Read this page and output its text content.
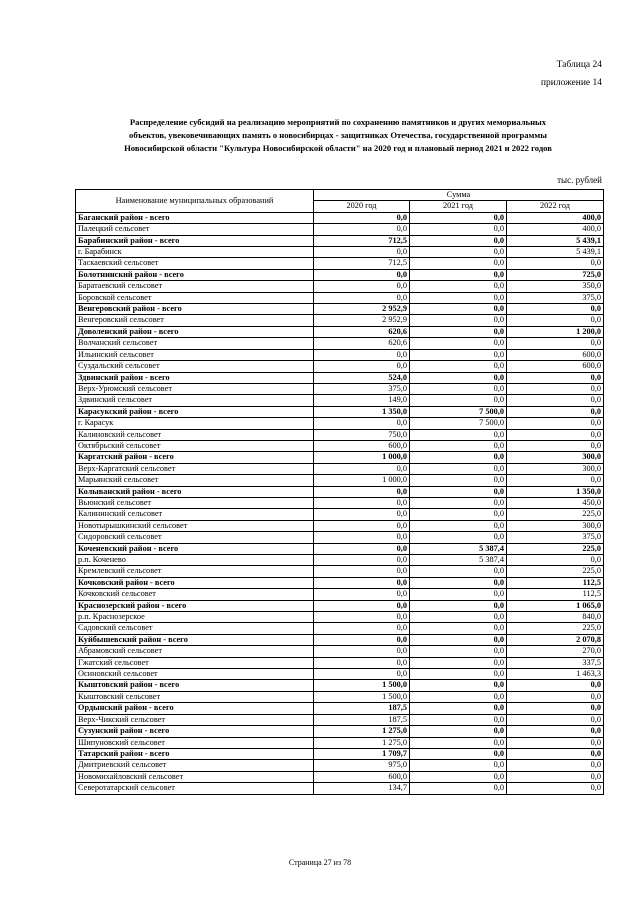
Таблица 24
приложение 14
Распределение субсидий на реализацию мероприятий по сохранению памятников и других мемориальных
объектов, увековечивающих память о новосибирцах - защитниках Отечества, государственной программы
Новосибирской области "Культура Новосибирской области" на 2020 год и плановый период 2021 и 2022 годов
тыс. рублей
Наименование муниципальных образований	Сумма		
	2020 год	2021 год	2022 год
Баганский район - всего	0,0	0,0	400,0
Палецкий сельсовет	0,0	0,0	400,0
Барабинский район - всего	712,5	0,0	5 439,1
г. Барабинск	0,0	0,0	5 439,1
Таскаевский сельсовет	712,5	0,0	0,0
Болотнинский район - всего	0,0	0,0	725,0
Баратаевский сельсовет	0,0	0,0	350,0
Боровской сельсовет	0,0	0,0	375,0
Венгеровский район - всего	2 952,9	0,0	0,0
Венгеровский сельсовет	2 952,9	0,0	0,0
Доволенский район - всего	620,6	0,0	1 200,0
Волчанский сельсовет	620,6	0,0	0,0
Ильинский сельсовет	0,0	0,0	600,0
Суздальский сельсовет	0,0	0,0	600,0
Здвинский район - всего	524,0	0,0	0,0
Верх-Урюмский сельсовет	375,0	0,0	0,0
Здвинский сельсовет	149,0	0,0	0,0
Карасукский район - всего	1 350,0	7 500,0	0,0
г. Карасук	0,0	7 500,0	0,0
Калиновский сельсовет	750,0	0,0	0,0
Октябрьский сельсовет	600,0	0,0	0,0
Каргатский район - всего	1 000,0	0,0	300,0
Верх-Каргатский сельсовет	0,0	0,0	300,0
Марьянский сельсовет	1 000,0	0,0	0,0
Колыванский район - всего	0,0	0,0	1 350,0
Вьюнский сельсовет	0,0	0,0	450,0
Калининский сельсовет	0,0	0,0	225,0
Новотырышкинский сельсовет	0,0	0,0	300,0
Сидоровский сельсовет	0,0	0,0	375,0
Коченевский район - всего	0,0	5 387,4	225,0
р.п. Коченево	0,0	5 387,4	0,0
Кремлевский сельсовет	0,0	0,0	225,0
Кочковский район - всего	0,0	0,0	112,5
Кочковский сельсовет	0,0	0,0	112,5
Краснозерский район - всего	0,0	0,0	1 065,0
р.п. Краснозерское	0,0	0,0	840,0
Садовский сельсовет	0,0	0,0	225,0
Куйбышевский район - всего	0,0	0,0	2 070,8
Абрамовский сельсовет	0,0	0,0	270,0
Гжатский сельсовет	0,0	0,0	337,5
Осиновский сельсовет	0,0	0,0	1 463,3
Кыштовский район - всего	1 500,0	0,0	0,0
Кыштовский сельсовет	1 500,0	0,0	0,0
Ордынский район - всего	187,5	0,0	0,0
Верх-Чикский сельсовет	187,5	0,0	0,0
Сузунский район - всего	1 275,0	0,0	0,0
Шипуновский сельсовет	1 275,0	0,0	0,0
Татарский район - всего	1 709,7	0,0	0,0
Дмитриевский сельсовет	975,0	0,0	0,0
Новомихайловский сельсовет	600,0	0,0	0,0
Северотатарский сельсовет	134,7	0,0	0,0
Страница 27 из 78
